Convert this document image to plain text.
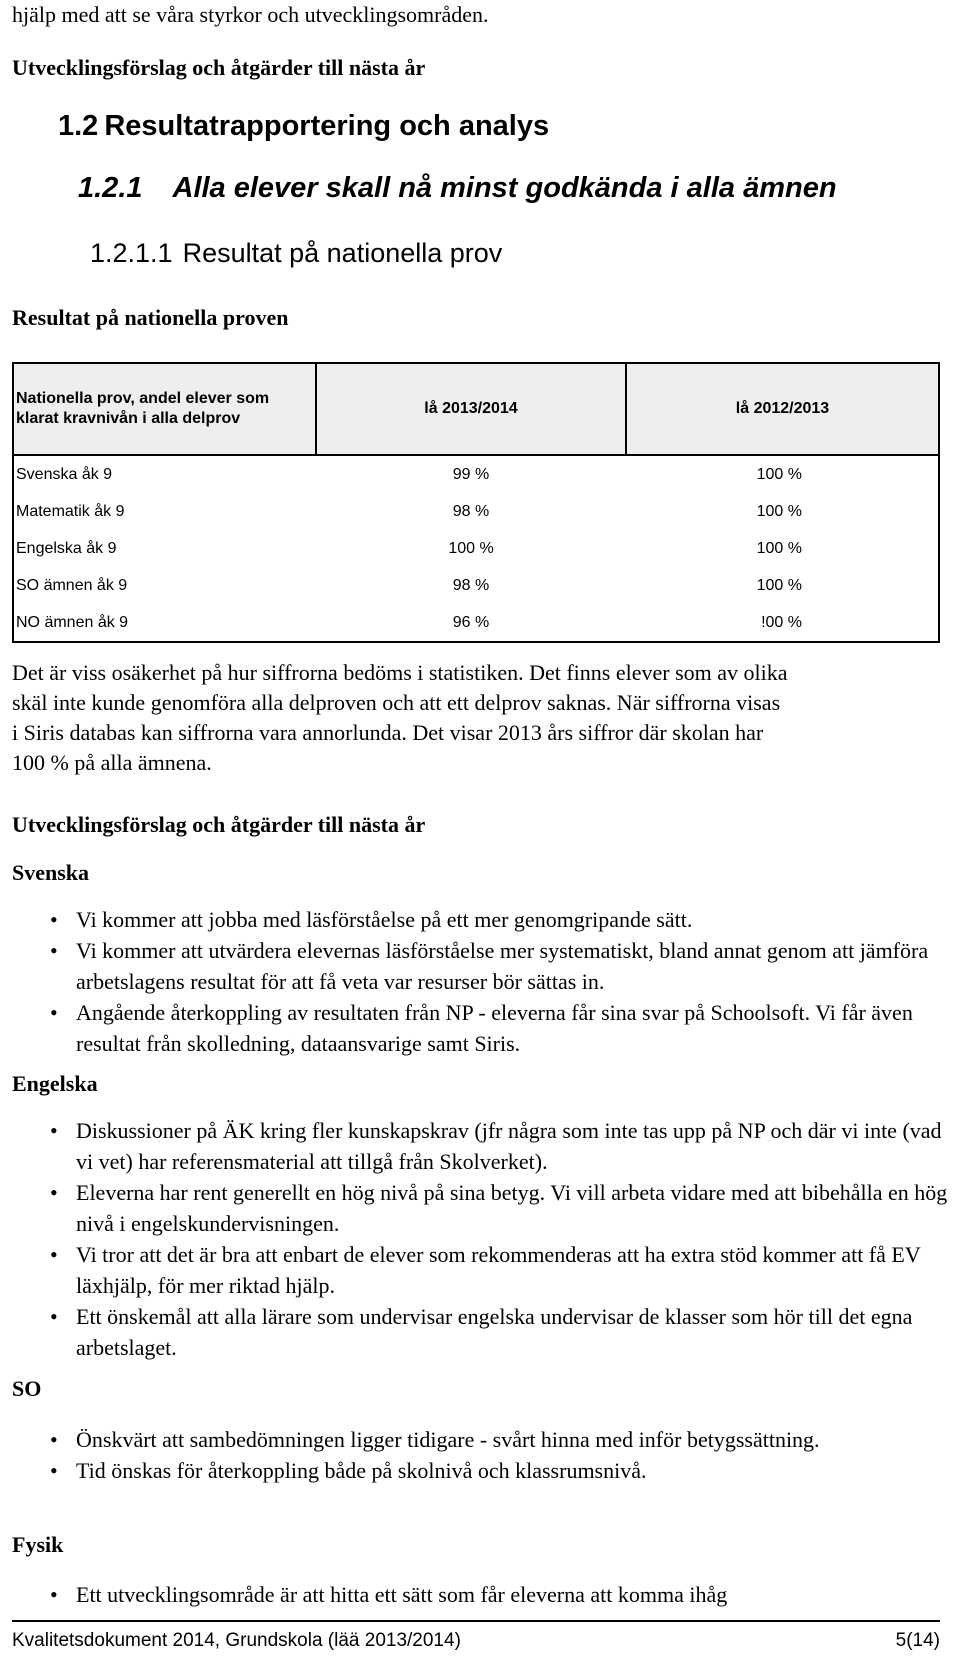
hjälp med att se våra styrkor och utvecklingsområden.
Utvecklingsförslag och åtgärder till nästa år
1.2 Resultatrapportering och analys
1.2.1 Alla elever skall nå minst godkända i alla ämnen
1.2.1.1 Resultat på nationella prov
Resultat på nationella proven
Nationella prov, andel elever som klarat kravnivån i alla delprov	lå 2013/2014	lå 2012/2013
Svenska åk 9	99 %	100 %
Matematik åk 9	98 %	100 %
Engelska åk 9	100 %	100 %
SO ämnen åk 9	98 %	100 %
NO ämnen åk 9	96 %	!00 %
Det är viss osäkerhet på hur siffrorna bedöms i statistiken. Det finns elever som av olika
skäl inte kunde genomföra alla delproven och att ett delprov saknas. När siffrorna visas
i Siris databas kan siffrorna vara annorlunda. Det visar 2013 års siffror där skolan har
100 % på alla ämnena.
Utvecklingsförslag och åtgärder till nästa år
Svenska
• Vi kommer att jobba med läsförståelse på ett mer genomgripande sätt.
• Vi kommer att utvärdera elevernas läsförståelse mer systematiskt, bland annat genom att jämföra arbetslagens resultat för att få veta var resurser bör sättas in.
• Angående återkoppling av resultaten från NP - eleverna får sina svar på Schoolsoft. Vi får även resultat från skolledning, dataansvarige samt Siris.
Engelska
• Diskussioner på ÄK kring fler kunskapskrav (jfr några som inte tas upp på NP och där vi inte (vad vi vet) har referensmaterial att tillgå från Skolverket).
• Eleverna har rent generellt en hög nivå på sina betyg. Vi vill arbeta vidare med att bibehålla en hög nivå i engelskundervisningen.
• Vi tror att det är bra att enbart de elever som rekommenderas att ha extra stöd kommer att få EV läxhjälp, för mer riktad hjälp.
• Ett önskemål att alla lärare som undervisar engelska undervisar de klasser som hör till det egna arbetslaget.
SO
• Önskvärt att sambedömningen ligger tidigare - svårt hinna med inför betygssättning.
• Tid önskas för återkoppling både på skolnivå och klassrumsnivå.
Fysik
• Ett utvecklingsområde är att hitta ett sätt som får eleverna att komma ihåg
Kvalitetsdokument 2014, Grundskola (lää 2013/2014)	5(14)
